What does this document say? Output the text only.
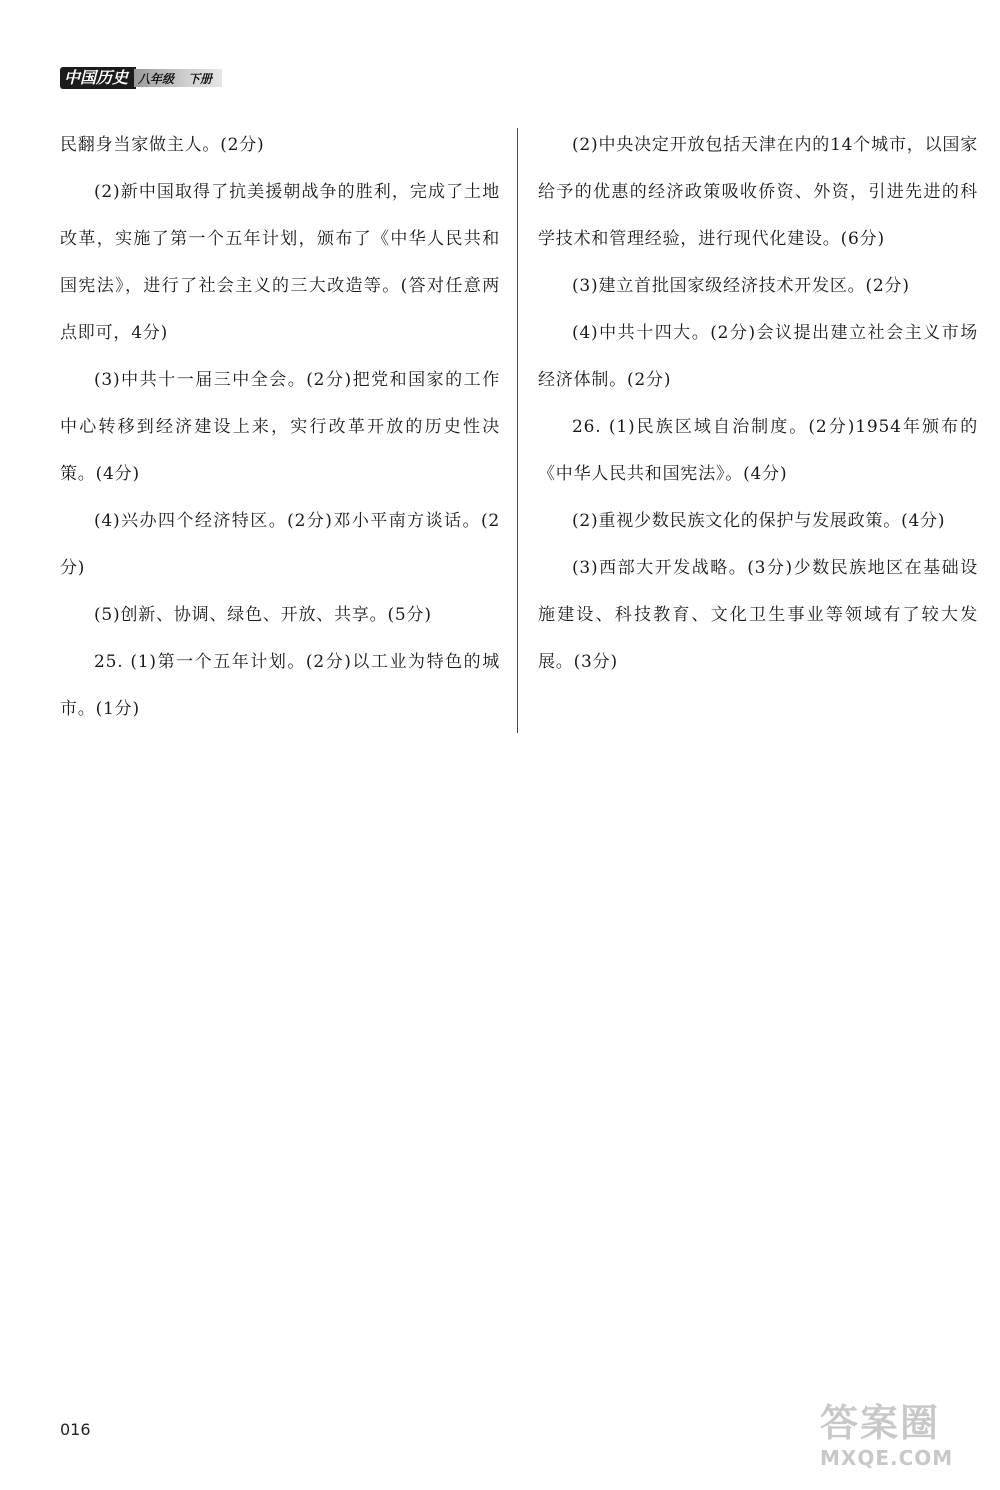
中国历史 八年级 下册

民翻身当家做主人。(2分)

(2)新中国取得了抗美援朝战争的胜利，完成了土地改革，实施了第一个五年计划，颁布了《中华人民共和国宪法》，进行了社会主义的三大改造等。(答对任意两点即可，4分)

(3)中共十一届三中全会。(2分)把党和国家的工作中心转移到经济建设上来，实行改革开放的历史性决策。(4分)

(4)兴办四个经济特区。(2分)邓小平南方谈话。(2分)

(5)创新、协调、绿色、开放、共享。(5分)

25. (1)第一个五年计划。(2分)以工业为特色的城市。(1分)

(2)中央决定开放包括天津在内的14个城市，以国家给予的优惠的经济政策吸收侨资、外资，引进先进的科学技术和管理经验，进行现代化建设。(6分)

(3)建立首批国家级经济技术开发区。(2分)

(4)中共十四大。(2分)会议提出建立社会主义市场经济体制。(2分)

26. (1)民族区域自治制度。(2分)1954年颁布的《中华人民共和国宪法》。(4分)

(2)重视少数民族文化的保护与发展政策。(4分)

(3)西部大开发战略。(3分)少数民族地区在基础设施建设、科技教育、文化卫生事业等领域有了较大发展。(3分)

016	答案圈
MXQE.COM
